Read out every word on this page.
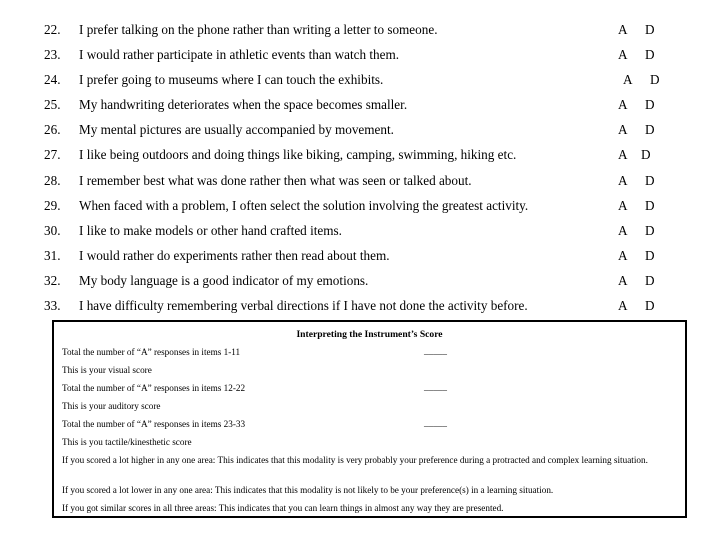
22. I prefer talking on the phone rather than writing a letter to someone.	A D
23. I would rather participate in athletic events than watch them.	A D
24. I prefer going to museums where I can touch the exhibits.	A D
25. My handwriting deteriorates when the space becomes smaller.	A D
26. My mental pictures are usually accompanied by movement.	A D
27. I like being outdoors and doing things like biking, camping, swimming, hiking etc.	A D
28. I remember best what was done rather then what was seen or talked about.	A D
29. When faced with a problem, I often select the solution involving the greatest activity.	A D
30. I like to make models or other hand crafted items.	A D
31. I would rather do experiments rather then read about them.	A D
32. My body language is a good indicator of my emotions.	A D
33. I have difficulty remembering verbal directions if I have not done the activity before.	A D
Interpreting the Instrument’s Score
Total the number of “A” responses in items 1-11	_____
This is your visual score
Total the number of “A” responses in items 12-22	_____
This is your auditory score
Total the number of “A” responses in items 23-33	_____
This is you tactile/kinesthetic score
If you scored a lot higher in any one area: This indicates that this modality is very probably your preference during a protracted and complex learning situation.
If you scored a lot lower in any one area: This indicates that this modality is not likely to be your preference(s) in a learning situation.
If you got similar scores in all three areas: This indicates that you can learn things in almost any way they are presented.
